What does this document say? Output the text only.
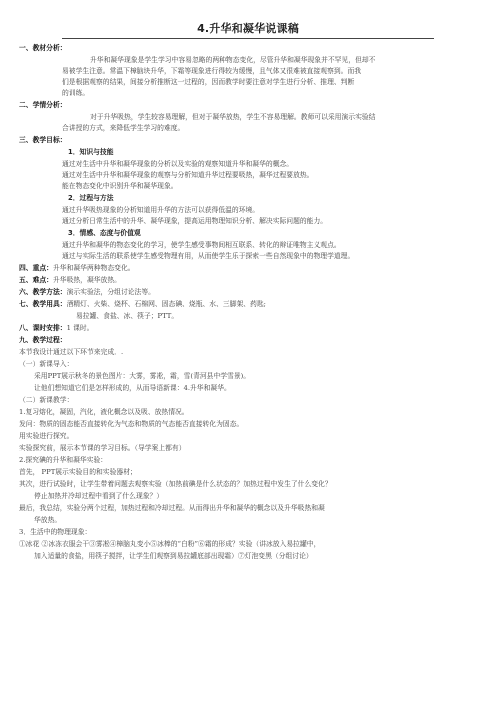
4.升华和凝华说课稿
一、教材分析：
升华和凝华现象是学生学习中容易忽略的两种物态变化，尽管升华和凝华现象并不罕见，但却不
易被学生注意。常温下樟脑块升华，下霜等现象进行得较为缓慢，且气体又很难被直接观察到。而我
们是根据观察的结果，间接分析推断这一过程的，因而教学时要注意对学生进行分析、推理、判断
的训练。
二、学情分析：
对于升华吸热，学生较容易理解，但对于凝华放热，学生不容易理解。教师可以采用演示实验结
合讲授的方式，来降低学生学习的难度。
三、教学目标：
1．知识与技能
通过对生活中升华和凝华现象的分析以及实验的观察知道升华和凝华的概念。
通过对生活中升华和凝华现象的观察与分析知道升华过程要吸热，凝华过程要放热。
能在物态变化中识别升华和凝华现象。
2．过程与方法
通过升华吸热现象的分析知道用升华的方法可以获得低温的环境。
通过分析日常生活中的升华、凝华现象，提高运用物理知识分析、解决实际问题的能力。
3．情感、态度与价值观
通过升华和凝华的物态变化的学习，使学生感受事物间相互联系、转化的辩证唯物主义观点。
通过与实际生活的联系使学生感受物理有用，从而使学生乐于探索一些自然现象中的物理学道理。
四、重点：升华和凝华两种物态变化。
五、难点：升华吸热，凝华放热。
六、教学方法：演示实验法，分组讨论法等。
七、教学用具：酒精灯、火柴、烧杯、石棉网、固态碘、烧瓶、水、三脚架、药匙;
易拉罐、食盐、冰、筷子；PTT。
八、课时安排：1 课时。
九、教学过程：
本节我设计通过以下环节来完成．.
（一）新课导入：
采用PPT展示秋冬的景色图片：大雾，雾凇，霜，雪(青河县中学雪景)。
让他们想知道它们是怎样形成的，从而导语新课：4.升华和凝华。
（二）新课教学：
1.复习熔化，凝固，汽化，液化概念以及吸、放热情况。
发问：物质的固态能否直接转化为气态和物质的气态能否直接转化为固态。
用实验进行探究。
实验探究前，展示本节课的学习目标。（导学案上都有）
2.探究碘的升华和凝华实验：
首先， PPT展示实验目的和实验器材；
其次，进行试验时，让学生带着问题去观察实验（加热前碘是什么状态的？加热过程中发生了什么变化？
停止加热并冷却过程中看到了什么现象？）
最后，我总结，实验分两个过程，加热过程和冷却过程。从而得出升华和凝华的概念以及升华吸热和凝
华放热。
3．生活中的物理现象：
①冰花 ②冰冻衣服会干③雾凇④樟脑丸变小⑤冰棒的“白粉”⑥霜的形成？实验（讲冰放入易拉罐中，
加入适量的食盐，用筷子搅拌，让学生们观察到易拉罐底部出现霜）⑦灯泡变黑（分组讨论）
